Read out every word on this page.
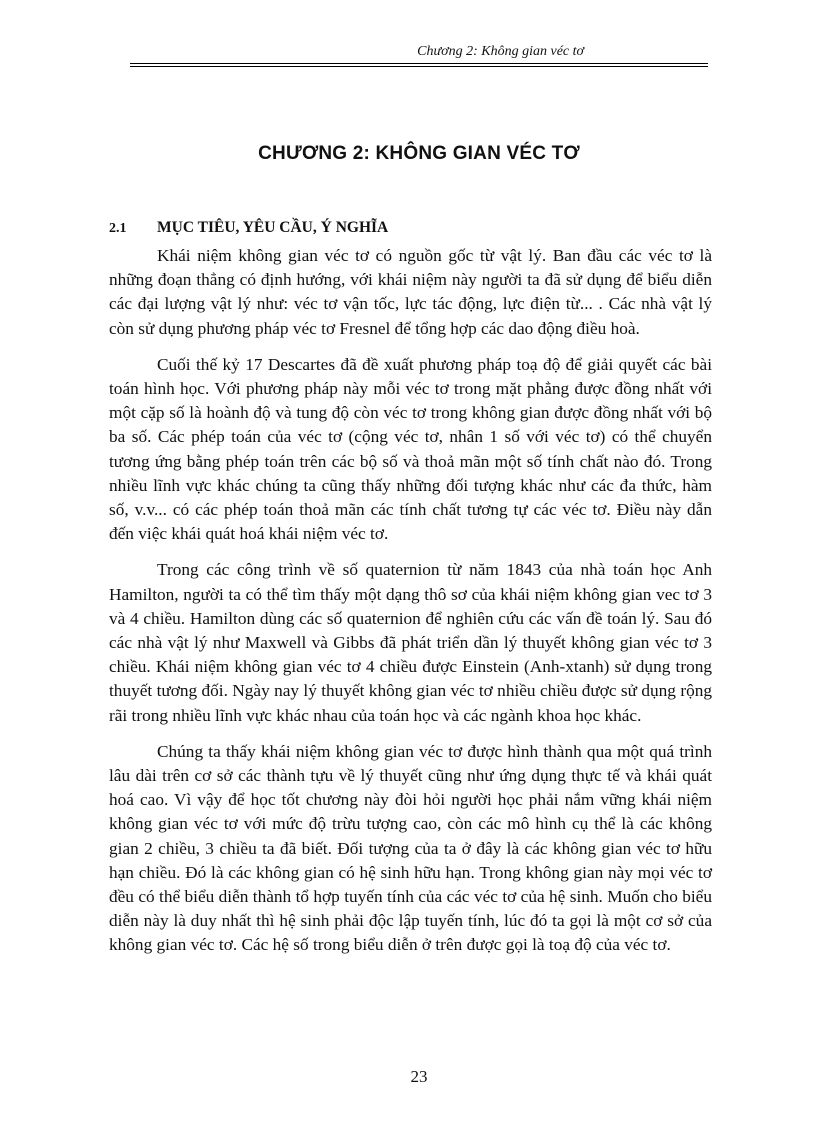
Chương 2: Không gian véc tơ
CHƯƠNG 2: KHÔNG GIAN VÉC TƠ
2.1 MỤC TIÊU, YÊU CẦU, Ý NGHĨA

Khái niệm không gian véc tơ có nguồn gốc từ vật lý. Ban đầu các véc tơ là những đoạn thẳng có định hướng, với khái niệm này người ta đã sử dụng để biểu diễn các đại lượng vật lý như: véc tơ vận tốc, lực tác động, lực điện từ... . Các nhà vật lý còn sử dụng phương pháp véc tơ Fresnel để tổng hợp các dao động điều hoà.

Cuối thế kỷ 17 Descartes đã đề xuất phương pháp toạ độ để giải quyết các bài toán hình học. Với phương pháp này mỗi véc tơ trong mặt phẳng được đồng nhất với một cặp số là hoành độ và tung độ còn véc tơ trong không gian được đồng nhất với bộ ba số. Các phép toán của véc tơ (cộng véc tơ, nhân 1 số với véc tơ) có thể chuyển tương ứng bằng phép toán trên các bộ số và thoả mãn một số tính chất nào đó. Trong nhiều lĩnh vực khác chúng ta cũng thấy những đối tượng khác như các đa thức, hàm số, v.v... có các phép toán thoả mãn các tính chất tương tự các véc tơ. Điều này dẫn đến việc khái quát hoá khái niệm véc tơ.

Trong các công trình về số quaternion từ năm 1843 của nhà toán học Anh Hamilton, người ta có thể tìm thấy một dạng thô sơ của khái niệm không gian vec tơ 3 và 4 chiều. Hamilton dùng các số quaternion để nghiên cứu các vấn đề toán lý. Sau đó các nhà vật lý như Maxwell và Gibbs đã phát triển dần lý thuyết không gian véc tơ 3 chiều. Khái niệm không gian véc tơ 4 chiều được Einstein (Anh-xtanh) sử dụng trong thuyết tương đối. Ngày nay lý thuyết không gian véc tơ nhiều chiều được sử dụng rộng rãi trong nhiều lĩnh vực khác nhau của toán học và các ngành khoa học khác.

Chúng ta thấy khái niệm không gian véc tơ được hình thành qua một quá trình lâu dài trên cơ sở các thành tựu về lý thuyết cũng như ứng dụng thực tế và khái quát hoá cao. Vì vậy để học tốt chương này đòi hỏi người học phải nắm vững khái niệm không gian véc tơ với mức độ trừu tượng cao, còn các mô hình cụ thể là các không gian 2 chiều, 3 chiều ta đã biết. Đối tượng của ta ở đây là các không gian véc tơ hữu hạn chiều. Đó là các không gian có hệ sinh hữu hạn. Trong không gian này mọi véc tơ đều có thể biểu diễn thành tổ hợp tuyến tính của các véc tơ của hệ sinh. Muốn cho biểu diễn này là duy nhất thì hệ sinh phải độc lập tuyến tính, lúc đó ta gọi là một cơ sở của không gian véc tơ. Các hệ số trong biểu diễn ở trên được gọi là toạ độ của véc tơ.

23
